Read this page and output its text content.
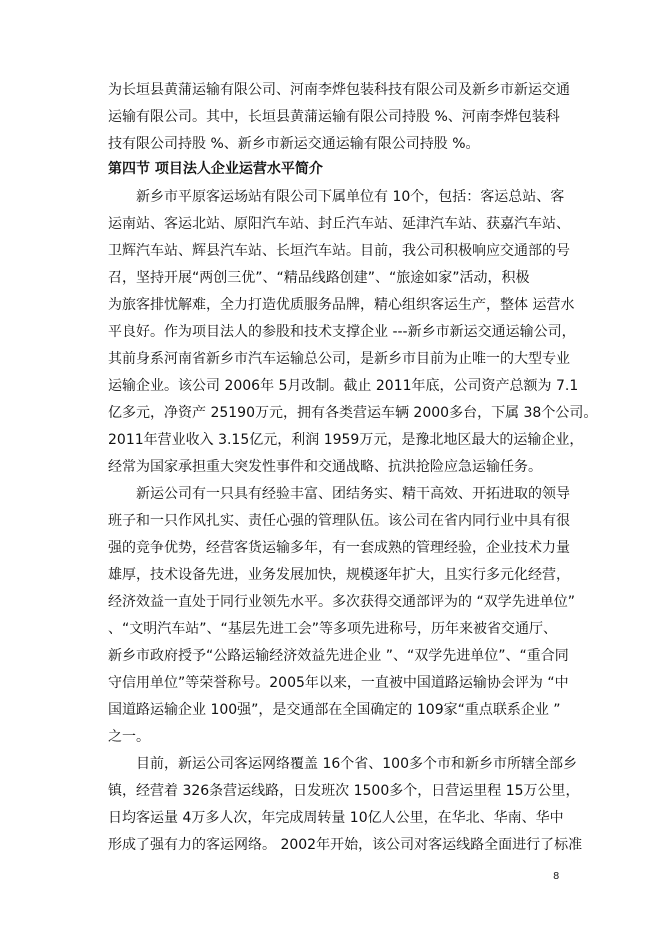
为长垣县黄蒲运输有限公司、河南李烨包装科技有限公司及新乡市新运交通
运输有限公司。其中，长垣县黄蒲运输有限公司持股 %、河南李烨包装科
技有限公司持股 %、新乡市新运交通运输有限公司持股 %。
第四节 项目法人企业运营水平简介
新乡市平原客运场站有限公司下属单位有 10个，包括：客运总站、客
运南站、客运北站、原阳汽车站、封丘汽车站、延津汽车站、获嘉汽车站、
卫辉汽车站、辉县汽车站、长垣汽车站。目前，我公司积极响应交通部的号
召，坚持开展“两创三优”、“精品线路创建”、“旅途如家”活动，积极
为旅客排忧解难，全力打造优质服务品牌，精心组织客运生产，整体 运营水
平良好。作为项目法人的参股和技术支撑企业 ---新乡市新运交通运输公司，
其前身系河南省新乡市汽车运输总公司，是新乡市目前为止唯一的大型专业
运输企业。该公司 2006年 5月改制。截止 2011年底，公司资产总额为 7.1
亿多元，净资产 25190万元，拥有各类营运车辆 2000多台，下属 38个公司。
2011年营业收入 3.15亿元，利润 1959万元，是豫北地区最大的运输企业，
经常为国家承担重大突发性事件和交通战略、抗洪抢险应急运输任务。
新运公司有一只具有经验丰富、团结务实、精干高效、开拓进取的领导
班子和一只作风扎实、责任心强的管理队伍。该公司在省内同行业中具有很
强的竞争优势，经营客货运输多年，有一套成熟的管理经验，企业技术力量
雄厚，技术设备先进，业务发展加快，规模逐年扩大，且实行多元化经营，
经济效益一直处于同行业领先水平。多次获得交通部评为的 “双学先进单位”
、“文明汽车站”、“基层先进工会”等多项先进称号，历年来被省交通厅、
新乡市政府授予“公路运输经济效益先进企业 ”、“双学先进单位”、“重合同
守信用单位”等荣誉称号。2005年以来，一直被中国道路运输协会评为 “中
国道路运输企业 100强”，是交通部在全国确定的 109家“重点联系企业 ”
之一。
目前，新运公司客运网络覆盖 16个省、100多个市和新乡市所辖全部乡
镇，经营着 326条营运线路，日发班次 1500多个，日营运里程 15万公里，
日均客运量 4万多人次，年完成周转量 10亿人公里，在华北、华南、华中
形成了强有力的客运网络。 2002年开始，该公司对客运线路全面进行了标准
8
